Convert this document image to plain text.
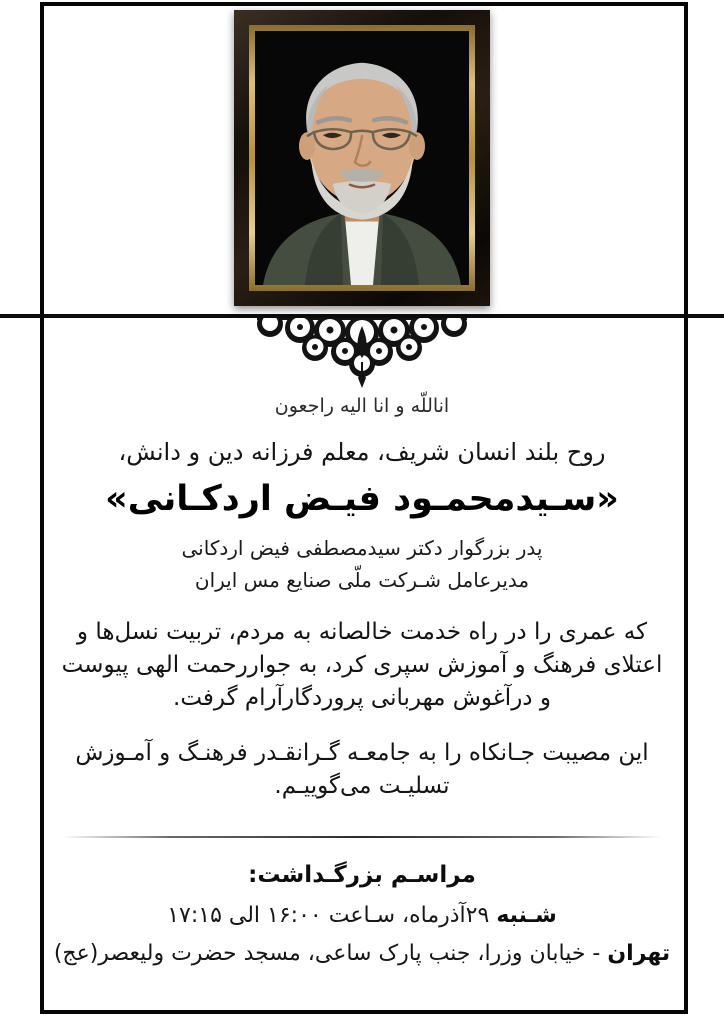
اناللّه و انا الیه راجعون
روح بلند انسان شریف، معلم فرزانه دین و دانش،
«سـیدمحمـود فیـض اردکـانی»
پدر بزرگوار دکتر سیدمصطفی فیض اردکانی
مدیرعامل شـرکت ملّی صنایع مس ایران
که عمری را در راه خدمت خالصانه به مردم، تربیت نسل‌ها و
اعتلای فرهنگ و آموزش سپری کرد، به جواررحمت الهی پیوست
و درآغوش مهربانی پروردگارآرام گرفت.
این مصیبت جـانکاه را به جامعـه گـرانقـدر فرهنـگ و آمـوزش
تسلیـت می‌گوییـم.
مراسـم بزرگـداشت:
شـنبه۲۹آذرماه، سـاعت ۱۶:۰۰ الی ۱۷:۱۵
تهران- خیابان وزرا، جنب پارک ساعی، مسجد حضرت ولیعصر(عج)
